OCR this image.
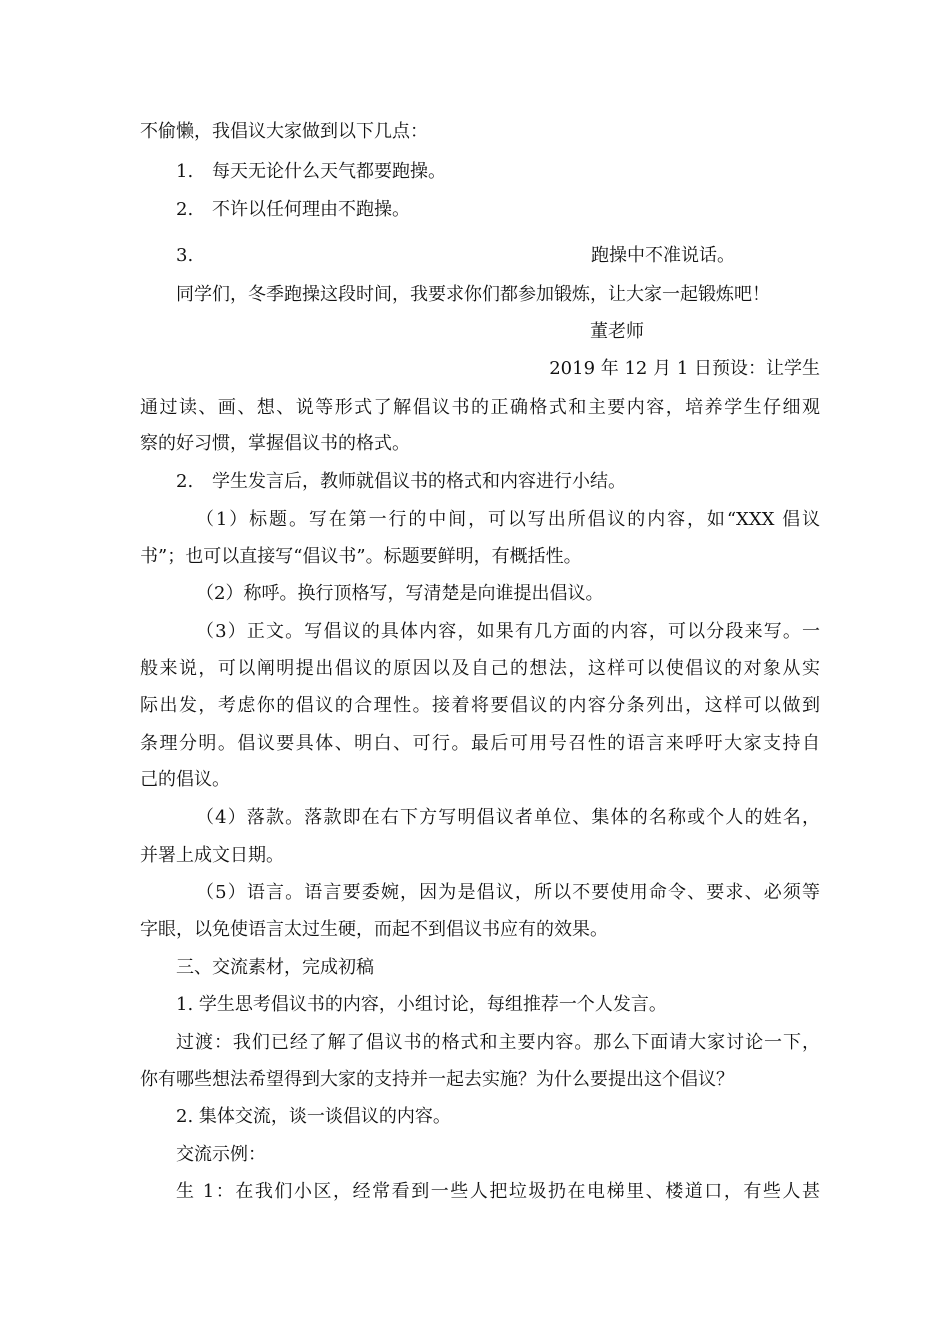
不偷懒，我倡议大家做到以下几点：
1. 每天无论什么天气都要跑操。
2. 不许以任何理由不跑操。
3.	跑操中不准说话。
同学们，冬季跑操这段时间，我要求你们都参加锻炼，让大家一起锻炼吧！
董老师
2019 年 12 月 1 日预设：让学生
通过读、画、想、说等形式了解倡议书的正确格式和主要内容，培养学生仔细观
察的好习惯，掌握倡议书的格式。
2. 学生发言后，教师就倡议书的格式和内容进行小结。
（1）标题。写在第一行的中间，可以写出所倡议的内容，如“XXX 倡议
书”；也可以直接写“倡议书”。标题要鲜明，有概括性。
（2）称呼。换行顶格写，写清楚是向谁提出倡议。
（3）正文。写倡议的具体内容，如果有几方面的内容，可以分段来写。一
般来说，可以阐明提出倡议的原因以及自己的想法，这样可以使倡议的对象从实
际出发，考虑你的倡议的合理性。接着将要倡议的内容分条列出，这样可以做到
条理分明。倡议要具体、明白、可行。最后可用号召性的语言来呼吁大家支持自
己的倡议。
（4）落款。落款即在右下方写明倡议者单位、集体的名称或个人的姓名，
并署上成文日期。
（5）语言。语言要委婉，因为是倡议，所以不要使用命令、要求、必须等
字眼，以免使语言太过生硬，而起不到倡议书应有的效果。
三、交流素材，完成初稿
1. 学生思考倡议书的内容，小组讨论，每组推荐一个人发言。
过渡：我们已经了解了倡议书的格式和主要内容。那么下面请大家讨论一下，
你有哪些想法希望得到大家的支持并一起去实施？为什么要提出这个倡议？
2. 集体交流，谈一谈倡议的内容。
交流示例：
生 1：在我们小区，经常看到一些人把垃圾扔在电梯里、楼道口，有些人甚
